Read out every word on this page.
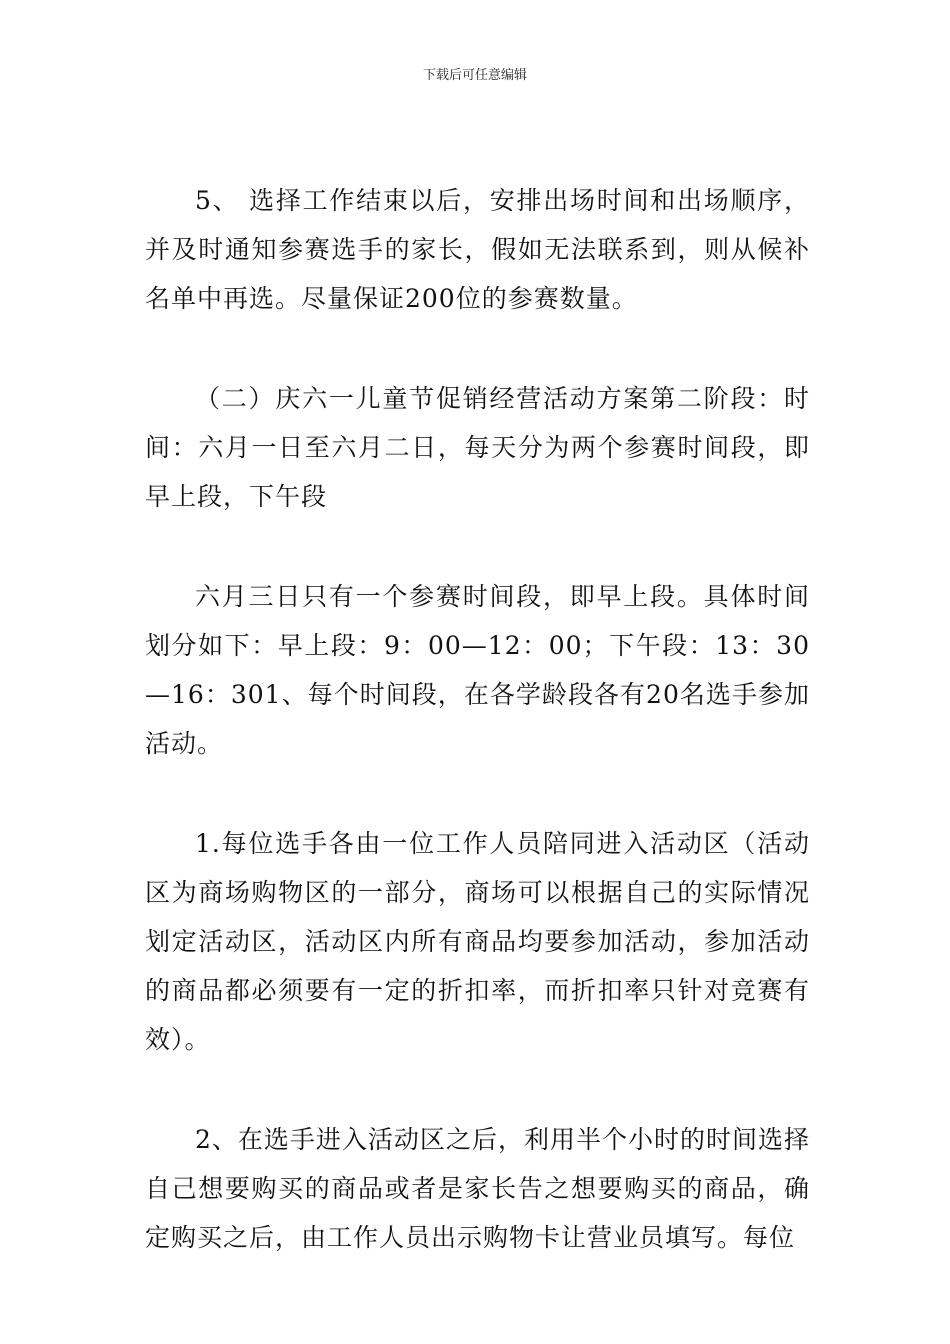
下载后可任意编辑

5、 选择工作结束以后，安排出场时间和出场顺序，并及时通知参赛选手的家长，假如无法联系到，则从候补名单中再选。尽量保证200位的参赛数量。

（二）庆六一儿童节促销经营活动方案第二阶段：时间：六月一日至六月二日，每天分为两个参赛时间段，即早上段，下午段

六月三日只有一个参赛时间段，即早上段。具体时间划分如下：早上段：9：00—12：00；下午段：13：30—16：301、每个时间段，在各学龄段各有20名选手参加活动。

1.每位选手各由一位工作人员陪同进入活动区（活动区为商场购物区的一部分，商场可以根据自己的实际情况划定活动区，活动区内所有商品均要参加活动，参加活动的商品都必须要有一定的折扣率，而折扣率只针对竞赛有效）。

2、在选手进入活动区之后，利用半个小时的时间选择自己想要购买的商品或者是家长告之想要购买的商品，确定购买之后，由工作人员出示购物卡让营业员填写。每位
